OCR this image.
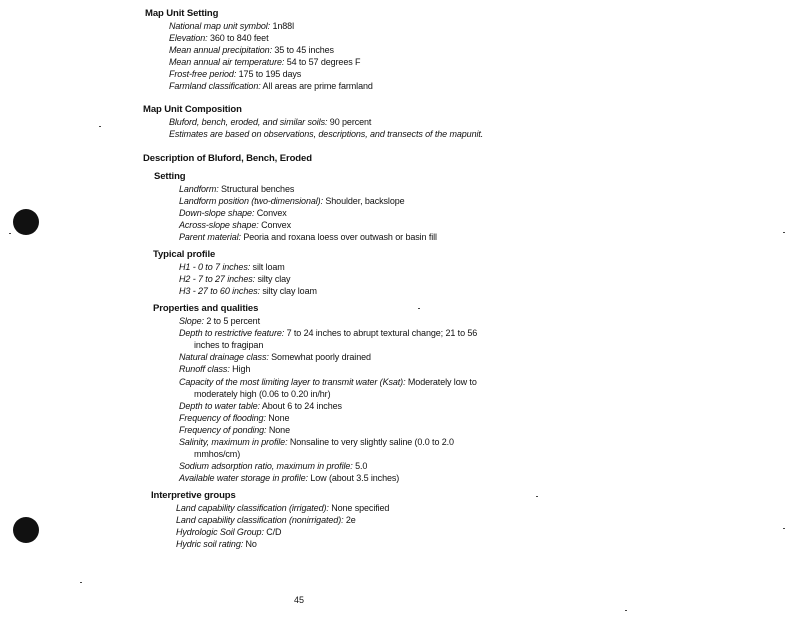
Map Unit Setting
National map unit symbol: 1n88l
Elevation: 360 to 840 feet
Mean annual precipitation: 35 to 45 inches
Mean annual air temperature: 54 to 57 degrees F
Frost-free period: 175 to 195 days
Farmland classification: All areas are prime farmland
Map Unit Composition
Bluford, bench, eroded, and similar soils: 90 percent
Estimates are based on observations, descriptions, and transects of the mapunit.
Description of Bluford, Bench, Eroded
Setting
Landform: Structural benches
Landform position (two-dimensional): Shoulder, backslope
Down-slope shape: Convex
Across-slope shape: Convex
Parent material: Peoria and roxana loess over outwash or basin fill
Typical profile
H1 - 0 to 7 inches: silt loam
H2 - 7 to 27 inches: silty clay
H3 - 27 to 60 inches: silty clay loam
Properties and qualities
Slope: 2 to 5 percent
Depth to restrictive feature: 7 to 24 inches to abrupt textural change; 21 to 56
inches to fragipan
Natural drainage class: Somewhat poorly drained
Runoff class: High
Capacity of the most limiting layer to transmit water (Ksat): Moderately low to
moderately high (0.06 to 0.20 in/hr)
Depth to water table: About 6 to 24 inches
Frequency of flooding: None
Frequency of ponding: None
Salinity, maximum in profile: Nonsaline to very slightly saline (0.0 to 2.0
mmhos/cm)
Sodium adsorption ratio, maximum in profile: 5.0
Available water storage in profile: Low (about 3.5 inches)
Interpretive groups
Land capability classification (irrigated): None specified
Land capability classification (nonirrigated): 2e
Hydrologic Soil Group: C/D
Hydric soil rating: No
45
